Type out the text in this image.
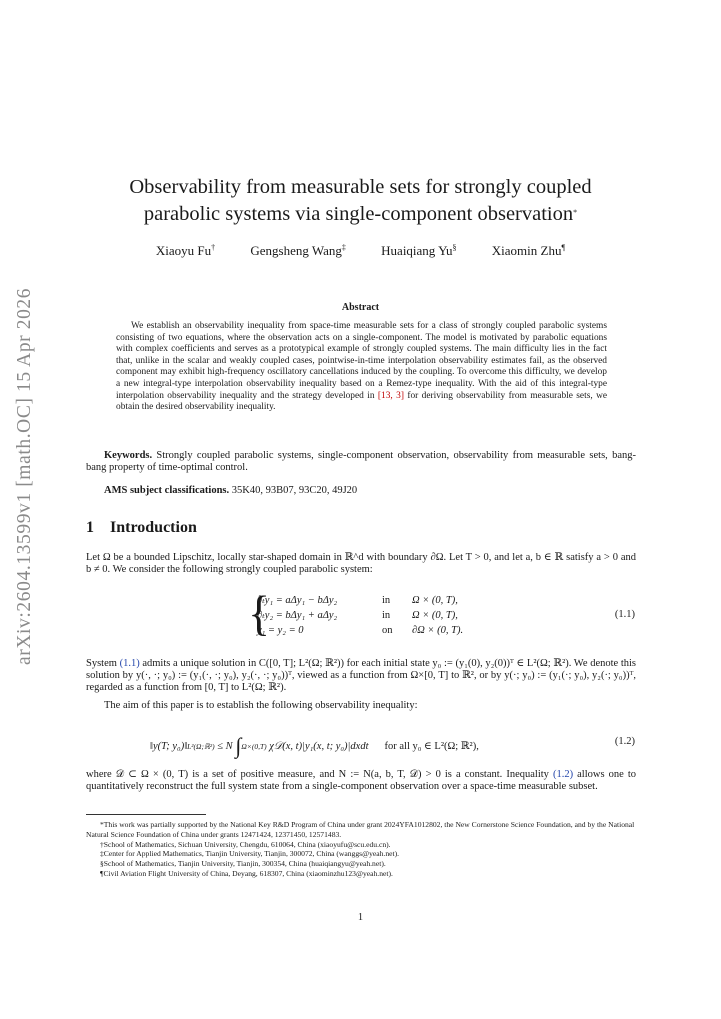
arXiv:2604.13599v1 [math.OC] 15 Apr 2026
Observability from measurable sets for strongly coupled
parabolic systems via single-component observation*
Xiaoyu Fu†	Gengsheng Wang‡	Huaiqiang Yu§	Xiaomin Zhu¶
Abstract
We establish an observability inequality from space-time measurable sets for a class of strongly coupled parabolic systems consisting of two equations, where the observation acts on a single-component. The model is motivated by parabolic equations with complex coefficients and serves as a prototypical example of strongly coupled systems. The main difficulty lies in the fact that, unlike in the scalar and weakly coupled cases, pointwise-in-time interpolation observability estimates fail, as the observed component may exhibit high-frequency oscillatory cancellations induced by the coupling. To overcome this difficulty, we develop a new integral-type interpolation observability inequality based on a Remez-type inequality. With the aid of this integral-type interpolation observability inequality and the strategy developed in [13, 3] for deriving observability from measurable sets, we obtain the desired observability inequality.
Keywords. Strongly coupled parabolic systems, single-component observation, observability from measurable sets, bang-bang property of time-optimal control.
AMS subject classifications. 35K40, 93B07, 93C20, 49J20
1 Introduction
Let Ω be a bounded Lipschitz, locally star-shaped domain in ℝ^d with boundary ∂Ω. Let T > 0, and let a, b ∈ ℝ satisfy a > 0 and b ≠ 0. We consider the following strongly coupled parabolic system:
{
∂ₜy₁ = aΔy₁ − bΔy₂	in Ω × (0, T),
∂ₜy₂ = bΔy₁ + aΔy₂	in Ω × (0, T),
y₁ = y₂ = 0	on ∂Ω × (0, T).
(1.1)
System (1.1) admits a unique solution in C([0, T]; L²(Ω; ℝ²)) for each initial state y₀ := (y₁(0), y₂(0))ᵀ ∈ L²(Ω; ℝ²). We denote this solution by y(·, ·; y₀) := (y₁(·, ·; y₀), y₂(·, ·; y₀))ᵀ, viewed as a function from Ω×[0, T] to ℝ², or by y(·; y₀) := (y₁(·; y₀), y₂(·; y₀))ᵀ, regarded as a function from [0, T] to L²(Ω; ℝ²).
The aim of this paper is to establish the following observability inequality:
‖y(T; y₀)‖L²(Ω;ℝ²) ≤ N ∫Ω×(0,T) χ𝒟(x, t)|y₁(x, t; y₀)|dxdt for all y₀ ∈ L²(Ω; ℝ²),	(1.2)
where 𝒟 ⊂ Ω × (0, T) is a set of positive measure, and N := N(a, b, T, 𝒟) > 0 is a constant. Inequality (1.2) allows one to quantitatively reconstruct the full system state from a single-component observation over a space-time measurable subset.

*This work was partially supported by the National Key R&D Program of China under grant 2024YFA1012802, the New Cornerstone Science Foundation, and by the National Natural Science Foundation of China under grants 12471424, 12371450, 12571483.

†School of Mathematics, Sichuan University, Chengdu, 610064, China (xiaoyufu@scu.edu.cn).

‡Center for Applied Mathematics, Tianjin University, Tianjin, 300072, China (wanggs@yeah.net).

§School of Mathematics, Tianjin University, Tianjin, 300354, China (huaiqiangyu@yeah.net).

¶Civil Aviation Flight University of China, Deyang, 618307, China (xiaominzhu123@yeah.net).

1
